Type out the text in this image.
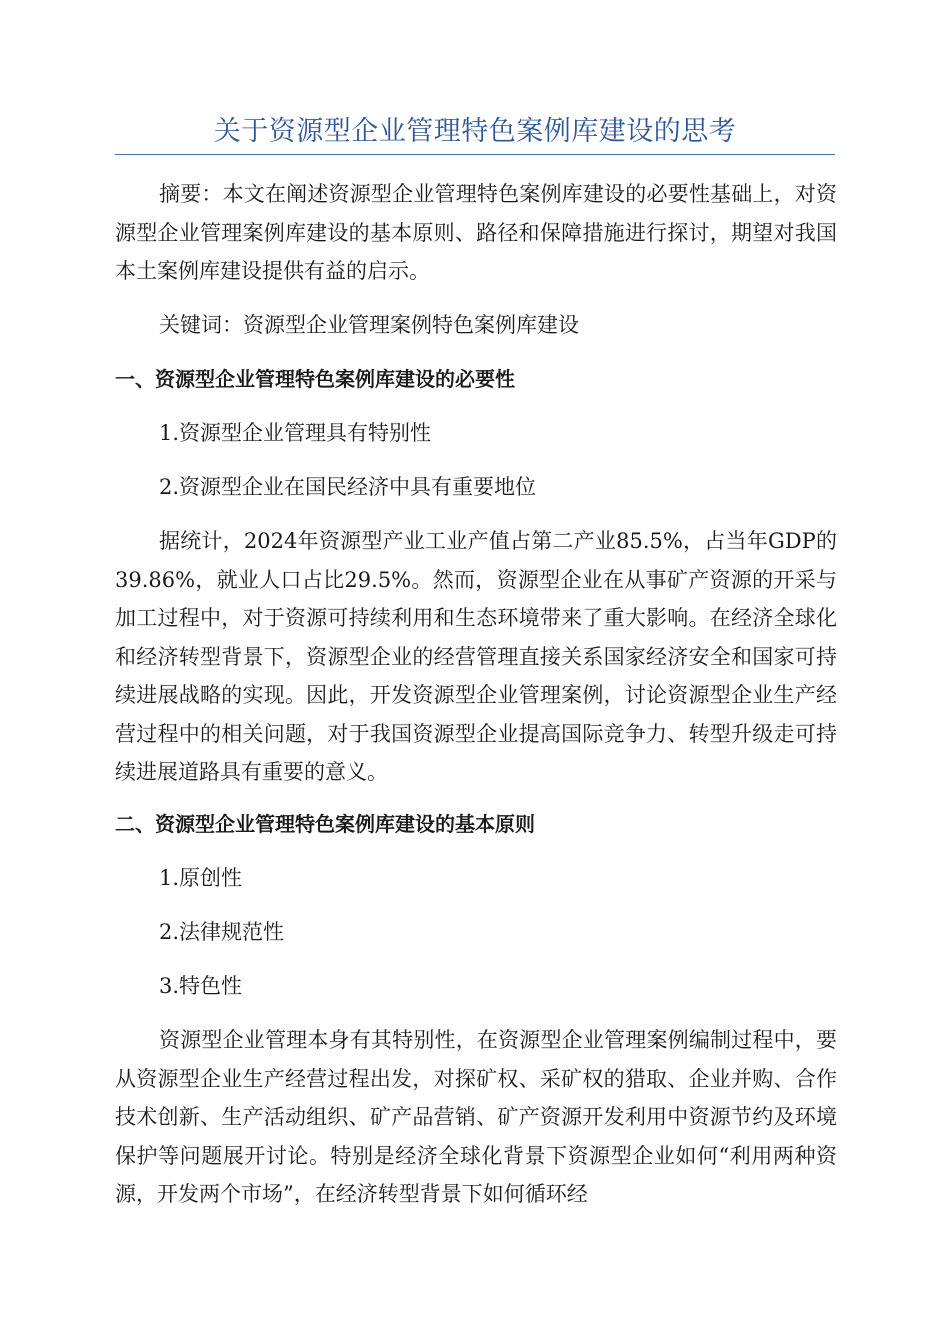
关于资源型企业管理特色案例库建设的思考

摘要：本文在阐述资源型企业管理特色案例库建设的必要性基础上，对资源型企业管理案例库建设的基本原则、路径和保障措施进行探讨，期望对我国本土案例库建设提供有益的启示。

关键词：资源型企业管理案例特色案例库建设

一、资源型企业管理特色案例库建设的必要性

1.资源型企业管理具有特别性

2.资源型企业在国民经济中具有重要地位

据统计，2024年资源型产业工业产值占第二产业85.5%，占当年GDP的39.86%，就业人口占比29.5%。然而，资源型企业在从事矿产资源的开采与加工过程中，对于资源可持续利用和生态环境带来了重大影响。在经济全球化和经济转型背景下，资源型企业的经营管理直接关系国家经济安全和国家可持续进展战略的实现。因此，开发资源型企业管理案例，讨论资源型企业生产经营过程中的相关问题，对于我国资源型企业提高国际竞争力、转型升级走可持续进展道路具有重要的意义。

二、资源型企业管理特色案例库建设的基本原则

1.原创性

2.法律规范性

3.特色性

资源型企业管理本身有其特别性，在资源型企业管理案例编制过程中，要从资源型企业生产经营过程出发，对探矿权、采矿权的猎取、企业并购、合作技术创新、生产活动组织、矿产品营销、矿产资源开发利用中资源节约及环境保护等问题展开讨论。特别是经济全球化背景下资源型企业如何“利用两种资源，开发两个市场”，在经济转型背景下如何循环经
